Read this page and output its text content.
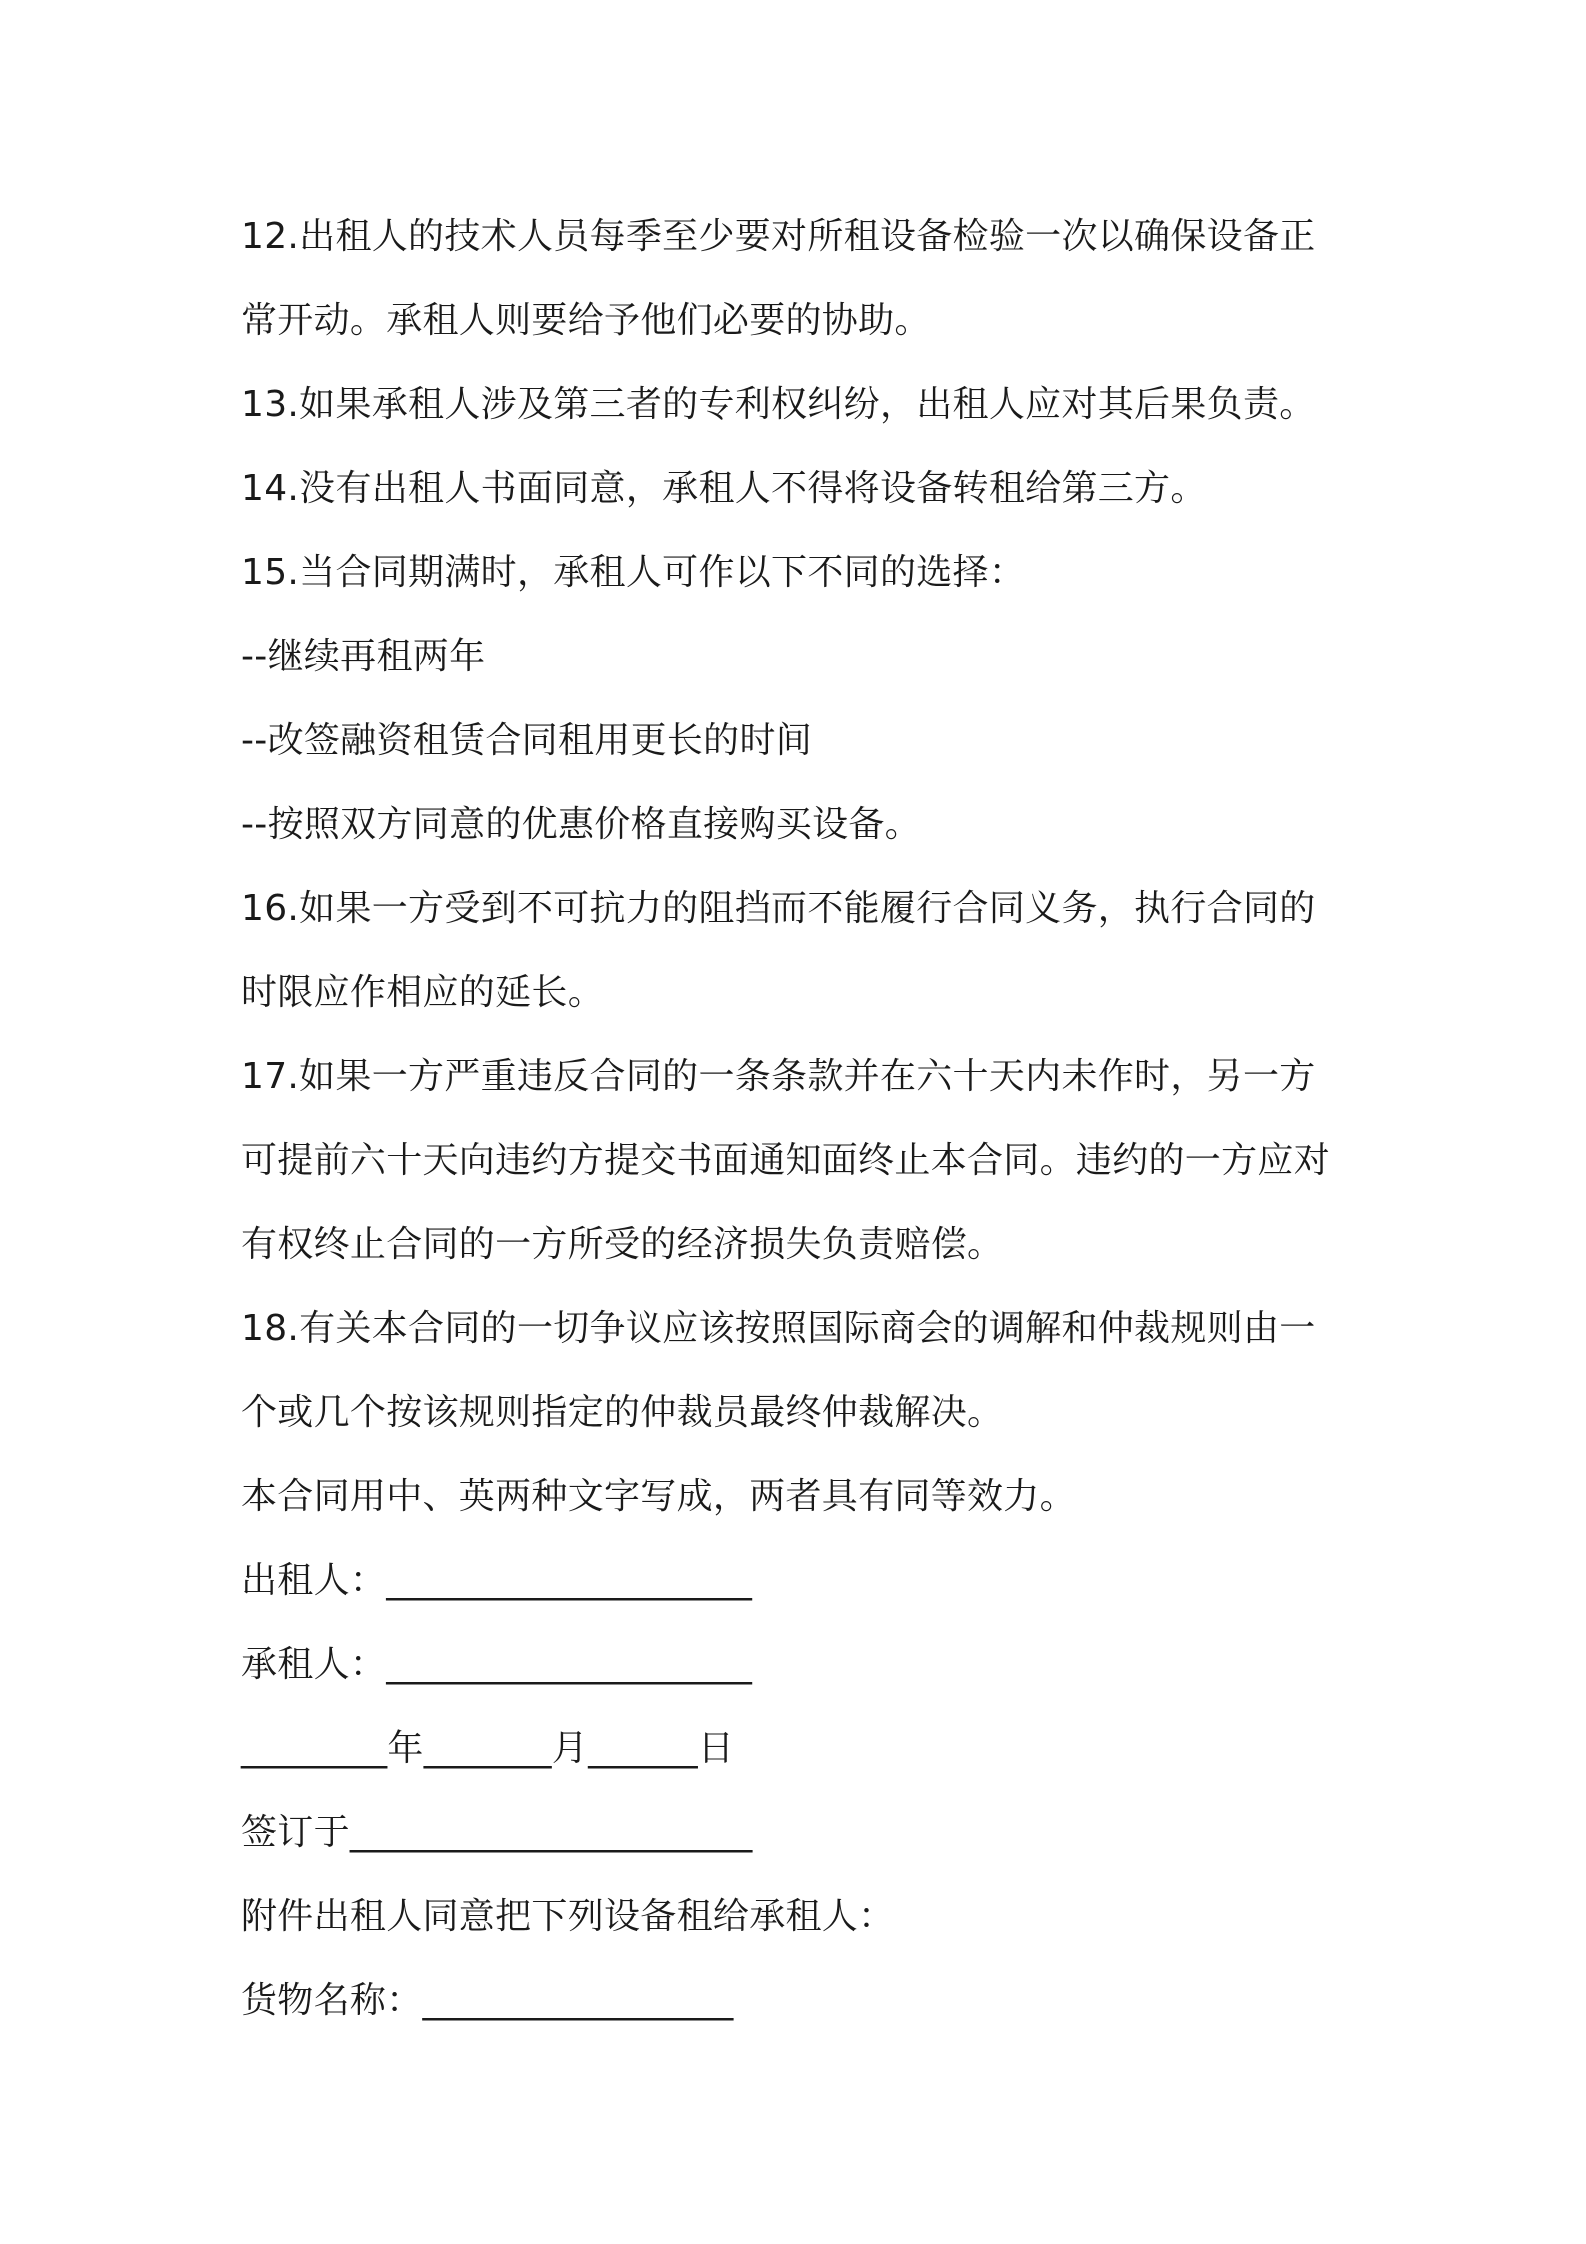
12.出租人的技术人员每季至少要对所租设备检验一次以确保设备正
常开动。承租人则要给予他们必要的协助。
13.如果承租人涉及第三者的专利权纠纷，出租人应对其后果负责。
14.没有出租人书面同意，承租人不得将设备转租给第三方。
15.当合同期满时，承租人可作以下不同的选择：
--继续再租两年
--改签融资租赁合同租用更长的时间
--按照双方同意的优惠价格直接购买设备。
16.如果一方受到不可抗力的阻挡而不能履行合同义务，执行合同的
时限应作相应的延长。
17.如果一方严重违反合同的一条条款并在六十天内未作时，另一方
可提前六十天向违约方提交书面通知面终止本合同。违约的一方应对
有权终止合同的一方所受的经济损失负责赔偿。
18.有关本合同的一切争议应该按照国际商会的调解和仲裁规则由一
个或几个按该规则指定的仲裁员最终仲裁解决。
本合同用中、英两种文字写成，两者具有同等效力。
出租人：____________________
承租人：____________________
________年_______月______日
签订于______________________
附件出租人同意把下列设备租给承租人：
货物名称：_________________
